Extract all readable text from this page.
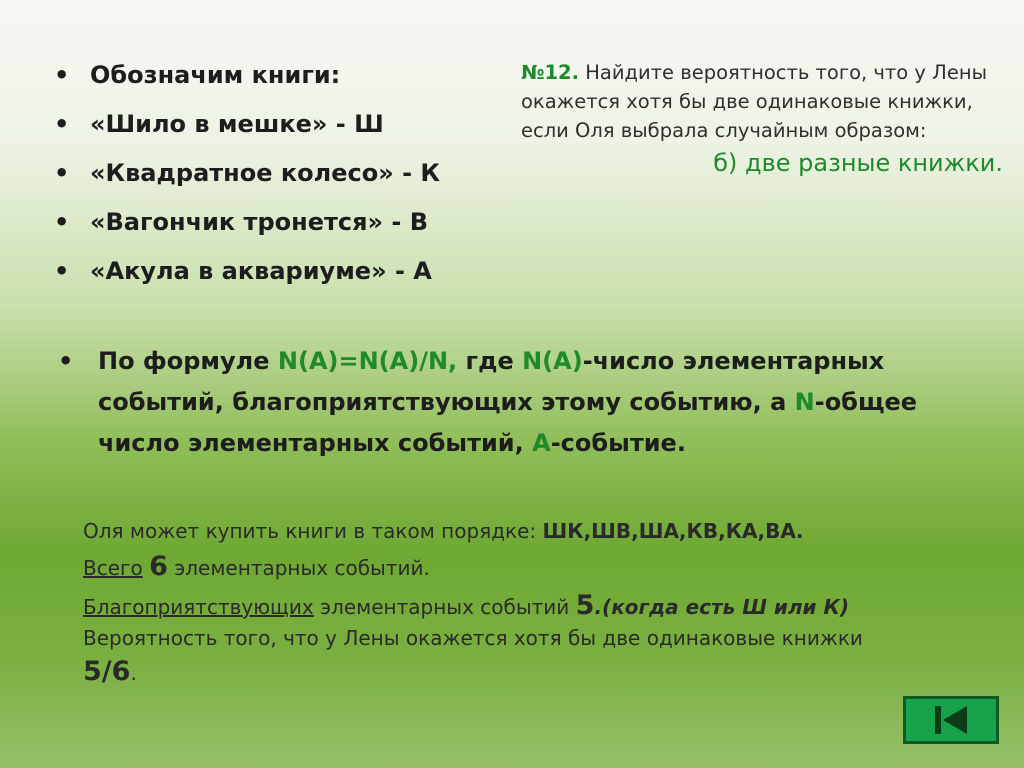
• Обозначим книги:
• «Шило в мешке» - Ш
• «Квадратное колесо» - К
• «Вагончик тронется» - В
• «Акула в аквариуме» - А
№12. Найдите вероятность того, что у Лены окажется хотя бы две одинаковые книжки, если Оля выбрала случайным образом:
б) две разные книжки.
• По формуле N(A)=N(A)/N, где N(A)-число элементарных событий, благоприятствующих этому событию, а N-общее число элементарных событий, А-событие.
Оля может купить книги в таком порядке: ШК,ШВ,ША,КВ,КА,ВА.
Всего 6 элементарных событий.
Благоприятствующих элементарных событий 5.(когда есть Ш или К)
Вероятность того, что у Лены окажется хотя бы две одинаковые книжки
5/6.
